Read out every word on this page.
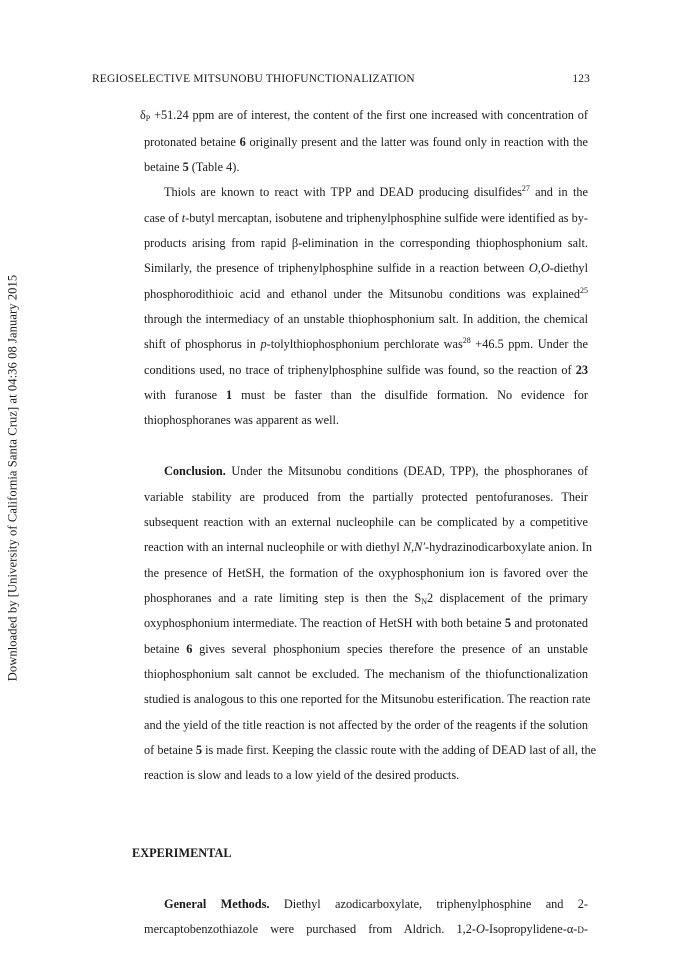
Downloaded by [University of California Santa Cruz] at 04:36 08 January 2015
REGIOSELECTIVE MITSUNOBU THIOFUNCTIONALIZATION	123
$\delta_P +51.24$ ppm are of interest, the content of the first one increased with concentration of
protonated betaine 6 originally present and the latter was found only in reaction with the
betaine 5 (Table 4).
Thiols are known to react with TPP and DEAD producing disulfides$^{27}$ and in the
case of t-butyl mercaptan, isobutene and triphenylphosphine sulfide were identified as by-
products arising from rapid β-elimination in the corresponding thiophosphonium salt.
Similarly, the presence of triphenylphosphine sulfide in a reaction between O,O-diethyl
phosphorodithioic acid and ethanol under the Mitsunobu conditions was explained$^{25}$
through the intermediacy of an unstable thiophosphonium salt. In addition, the chemical
shift of phosphorus in p-tolylthiophosphonium perchlorate was$^{28}$ +46.5 ppm. Under the
conditions used, no trace of triphenylphosphine sulfide was found, so the reaction of 23
with furanose 1 must be faster than the disulfide formation. No evidence for
thiophosphoranes was apparent as well.
Conclusion. Under the Mitsunobu conditions (DEAD, TPP), the phosphoranes of
variable stability are produced from the partially protected pentofuranoses. Their
subsequent reaction with an external nucleophile can be complicated by a competitive
reaction with an internal nucleophile or with diethyl N,N′-hydrazinodicarboxylate anion. In
the presence of HetSH, the formation of the oxyphosphonium ion is favored over the
phosphoranes and a rate limiting step is then the $S_N2$ displacement of the primary
oxyphosphonium intermediate. The reaction of HetSH with both betaine 5 and protonated
betaine 6 gives several phosphonium species therefore the presence of an unstable
thiophosphonium salt cannot be excluded. The mechanism of the thiofunctionalization
studied is analogous to this one reported for the Mitsunobu esterification. The reaction rate
and the yield of the title reaction is not affected by the order of the reagents if the solution
of betaine 5 is made first. Keeping the classic route with the adding of DEAD last of all, the
reaction is slow and leads to a low yield of the desired products.
EXPERIMENTAL
General Methods. Diethyl azodicarboxylate, triphenylphosphine and 2-
mercaptobenzothiazole were purchased from Aldrich. 1,2-O-Isopropylidene-α-d-
